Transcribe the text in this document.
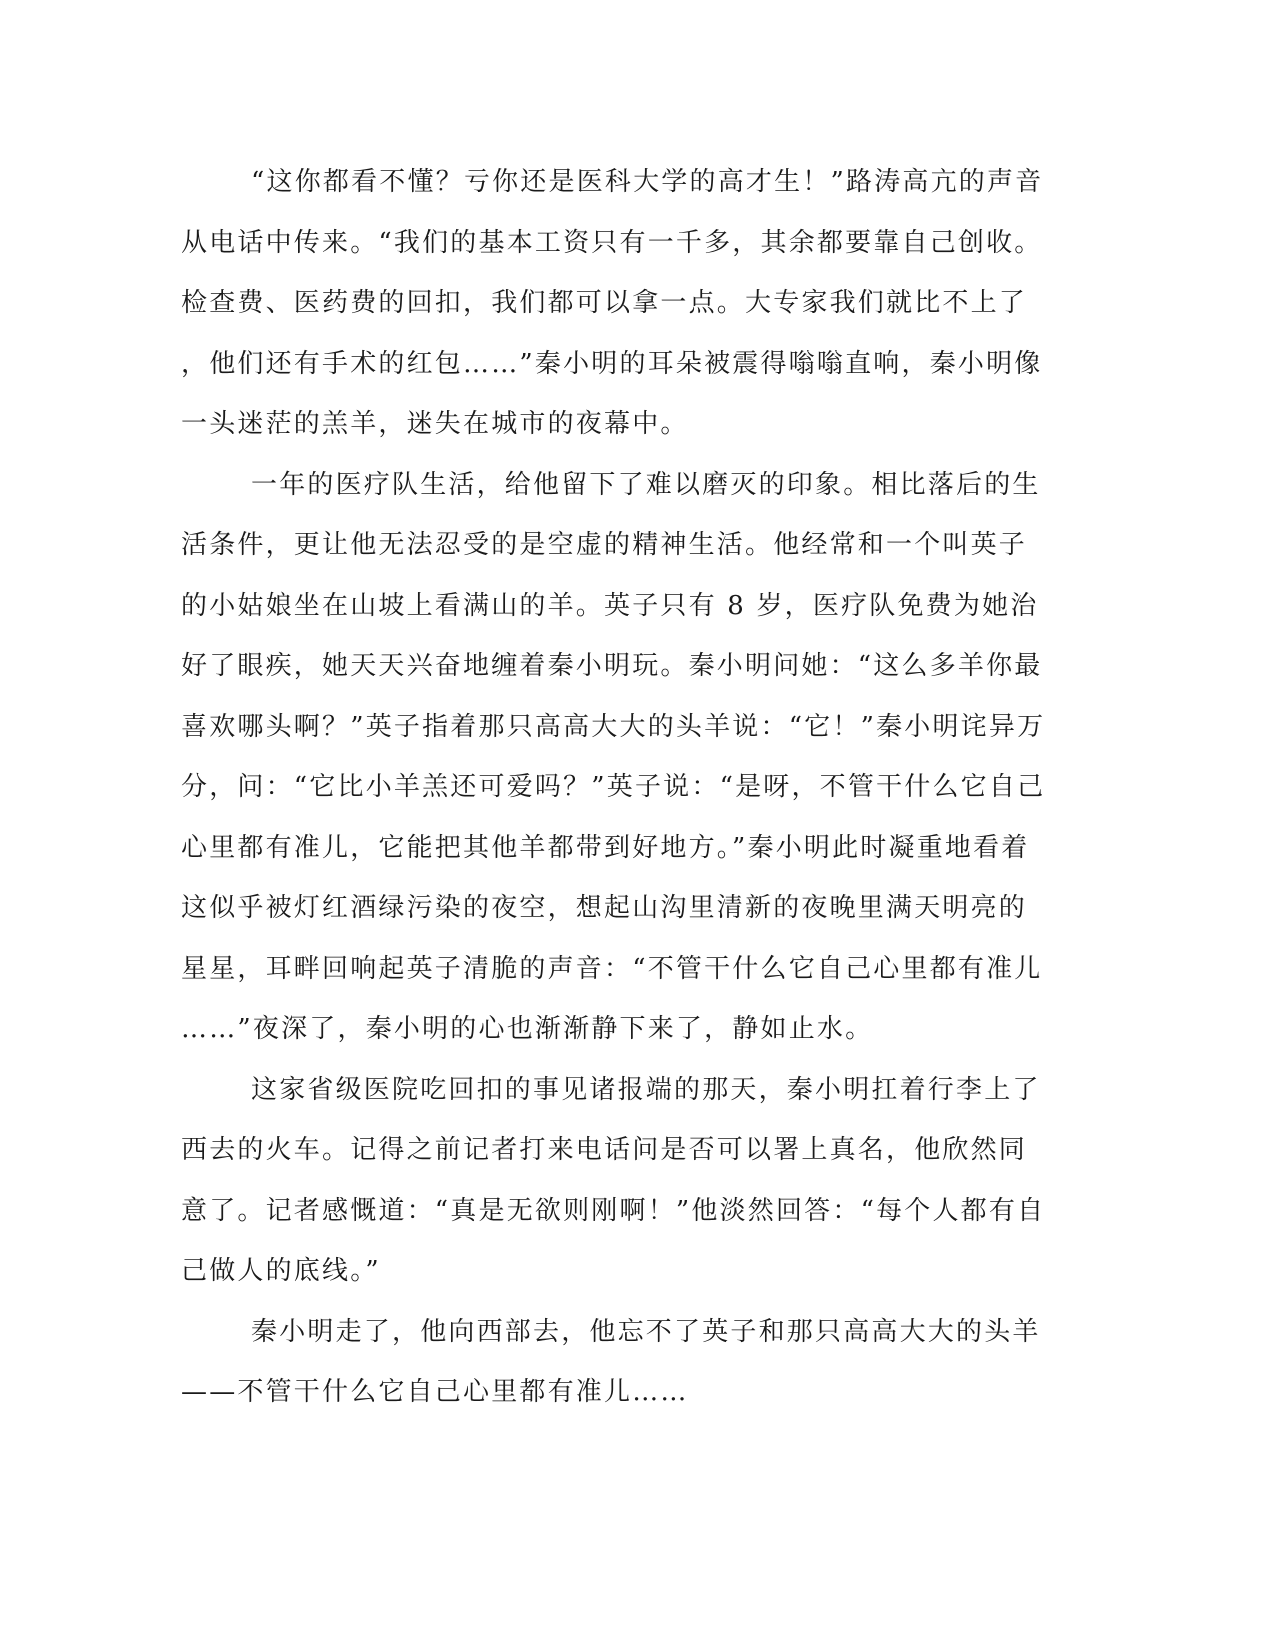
“这你都看不懂？亏你还是医科大学的高才生！”路涛高亢的声音
从电话中传来。“我们的基本工资只有一千多，其余都要靠自己创收。
检查费、医药费的回扣，我们都可以拿一点。大专家我们就比不上了
，他们还有手术的红包……”秦小明的耳朵被震得嗡嗡直响，秦小明像
一头迷茫的羔羊，迷失在城市的夜幕中。
一年的医疗队生活，给他留下了难以磨灭的印象。相比落后的生
活条件，更让他无法忍受的是空虚的精神生活。他经常和一个叫英子
的小姑娘坐在山坡上看满山的羊。英子只有 8 岁，医疗队免费为她治
好了眼疾，她天天兴奋地缠着秦小明玩。秦小明问她：“这么多羊你最
喜欢哪头啊？”英子指着那只高高大大的头羊说：“它！”秦小明诧异万
分，问：“它比小羊羔还可爱吗？”英子说：“是呀，不管干什么它自己
心里都有准儿，它能把其他羊都带到好地方。”秦小明此时凝重地看着
这似乎被灯红酒绿污染的夜空，想起山沟里清新的夜晚里满天明亮的
星星，耳畔回响起英子清脆的声音：“不管干什么它自己心里都有准儿
……”夜深了，秦小明的心也渐渐静下来了，静如止水。
这家省级医院吃回扣的事见诸报端的那天，秦小明扛着行李上了
西去的火车。记得之前记者打来电话问是否可以署上真名，他欣然同
意了。记者感慨道：“真是无欲则刚啊！”他淡然回答：“每个人都有自
己做人的底线。”
秦小明走了，他向西部去，他忘不了英子和那只高高大大的头羊
——不管干什么它自己心里都有准儿……
